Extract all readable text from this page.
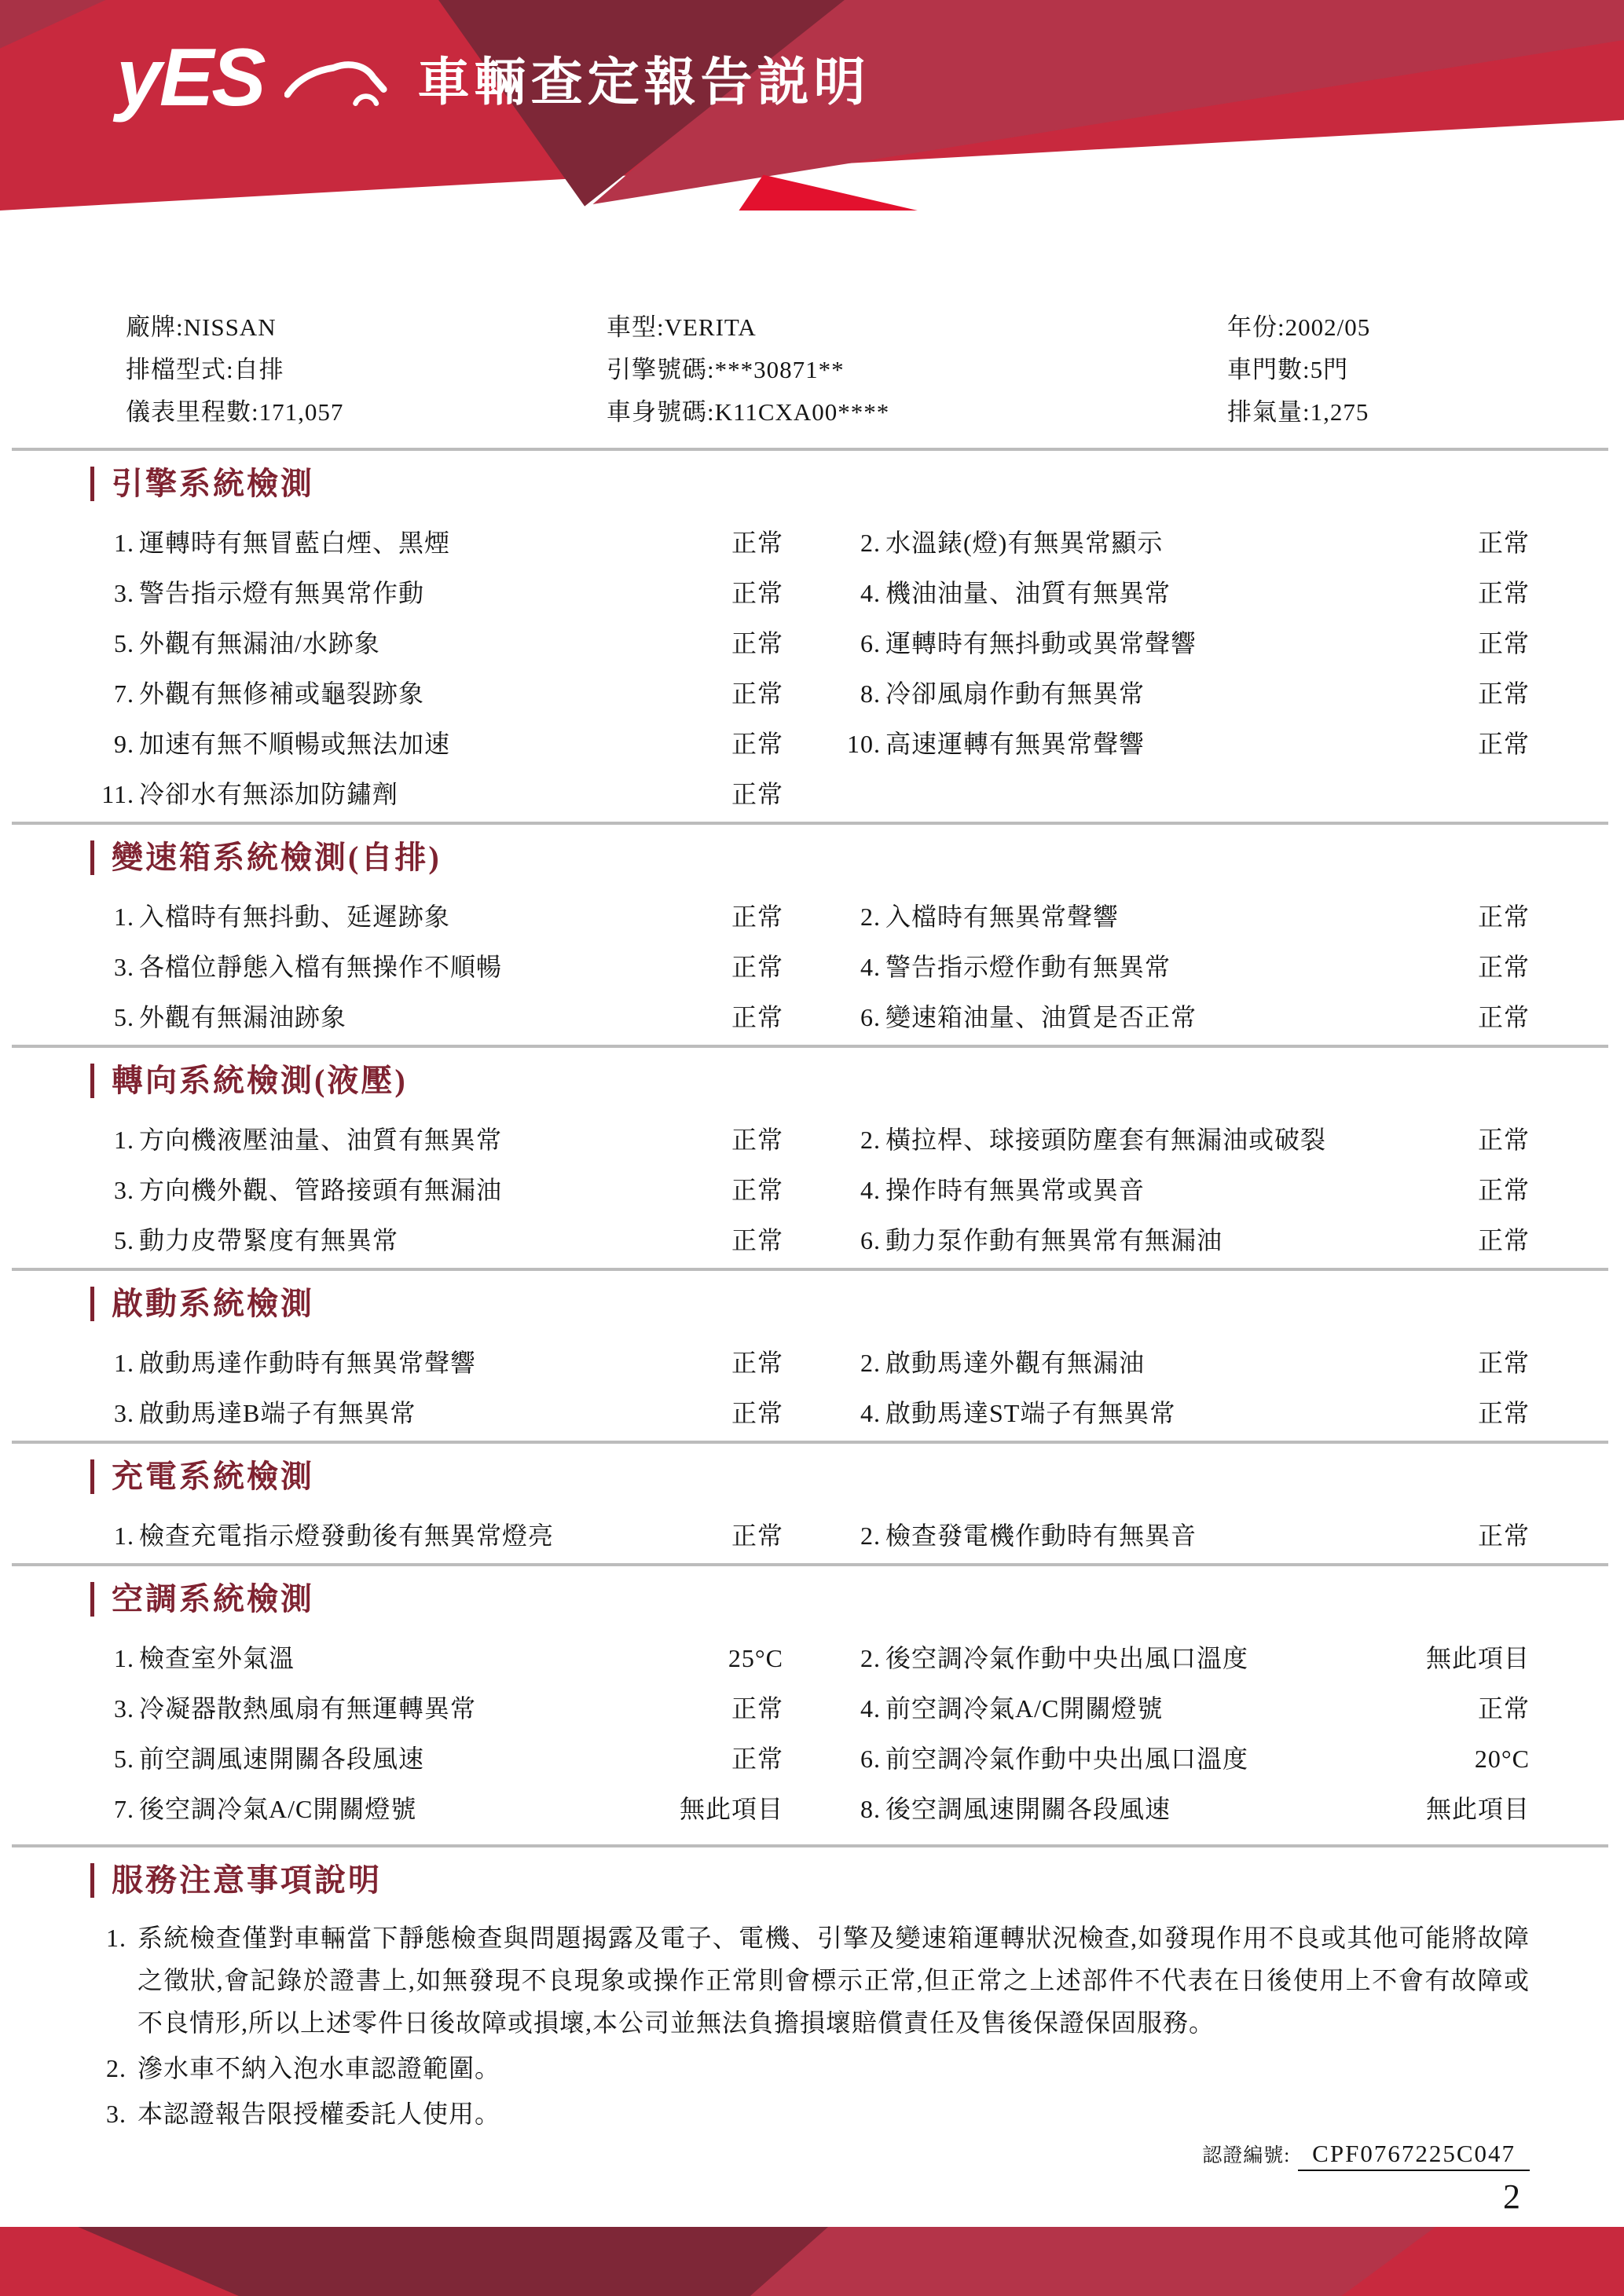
yES	車輛查定報告説明
廠牌:NISSAN	車型:VERITA	年份:2002/05
排檔型式:自排	引擎號碼:***30871**	車門數:5門
儀表里程數:171,057	車身號碼:K11CXA00****	排氣量:1,275
引擎系統檢測
1. 運轉時有無冒藍白煙、黑煙	正常	2. 水溫錶(燈)有無異常顯示	正常
3. 警告指示燈有無異常作動	正常	4. 機油油量、油質有無異常	正常
5. 外觀有無漏油/水跡象	正常	6. 運轉時有無抖動或異常聲響	正常
7. 外觀有無修補或龜裂跡象	正常	8. 冷卻風扇作動有無異常	正常
9. 加速有無不順暢或無法加速	正常	10. 高速運轉有無異常聲響	正常
11. 冷卻水有無添加防鏽劑	正常
變速箱系統檢測(自排)
1. 入檔時有無抖動、延遲跡象	正常	2. 入檔時有無異常聲響	正常
3. 各檔位靜態入檔有無操作不順暢	正常	4. 警告指示燈作動有無異常	正常
5. 外觀有無漏油跡象	正常	6. 變速箱油量、油質是否正常	正常
轉向系統檢測(液壓)
1. 方向機液壓油量、油質有無異常	正常	2. 橫拉桿、球接頭防塵套有無漏油或破裂	正常
3. 方向機外觀、管路接頭有無漏油	正常	4. 操作時有無異常或異音	正常
5. 動力皮帶緊度有無異常	正常	6. 動力泵作動有無異常有無漏油	正常
啟動系統檢測
1. 啟動馬達作動時有無異常聲響	正常	2. 啟動馬達外觀有無漏油	正常
3. 啟動馬達B端子有無異常	正常	4. 啟動馬達ST端子有無異常	正常
充電系統檢測
1. 檢查充電指示燈發動後有無異常燈亮	正常	2. 檢查發電機作動時有無異音	正常
空調系統檢測
1. 檢查室外氣溫	25°C	2. 後空調冷氣作動中央出風口溫度	無此項目
3. 冷凝器散熱風扇有無運轉異常	正常	4. 前空調冷氣A/C開關燈號	正常
5. 前空調風速開關各段風速	正常	6. 前空調冷氣作動中央出風口溫度	20°C
7. 後空調冷氣A/C開關燈號	無此項目	8. 後空調風速開關各段風速	無此項目
服務注意事項說明
1. 系統檢查僅對車輛當下靜態檢查與問題揭露及電子、電機、引擎及變速箱運轉狀況檢查,如發現作用不良或其他可能將故障之徵狀,會記錄於證書上,如無發現不良現象或操作正常則會標示正常,但正常之上述部件不代表在日後使用上不會有故障或不良情形,所以上述零件日後故障或損壞,本公司並無法負擔損壞賠償責任及售後保證保固服務。
2. 滲水車不納入泡水車認證範圍。
3. 本認證報告限授權委託人使用。
認證編號: CPF0767225C047
2
